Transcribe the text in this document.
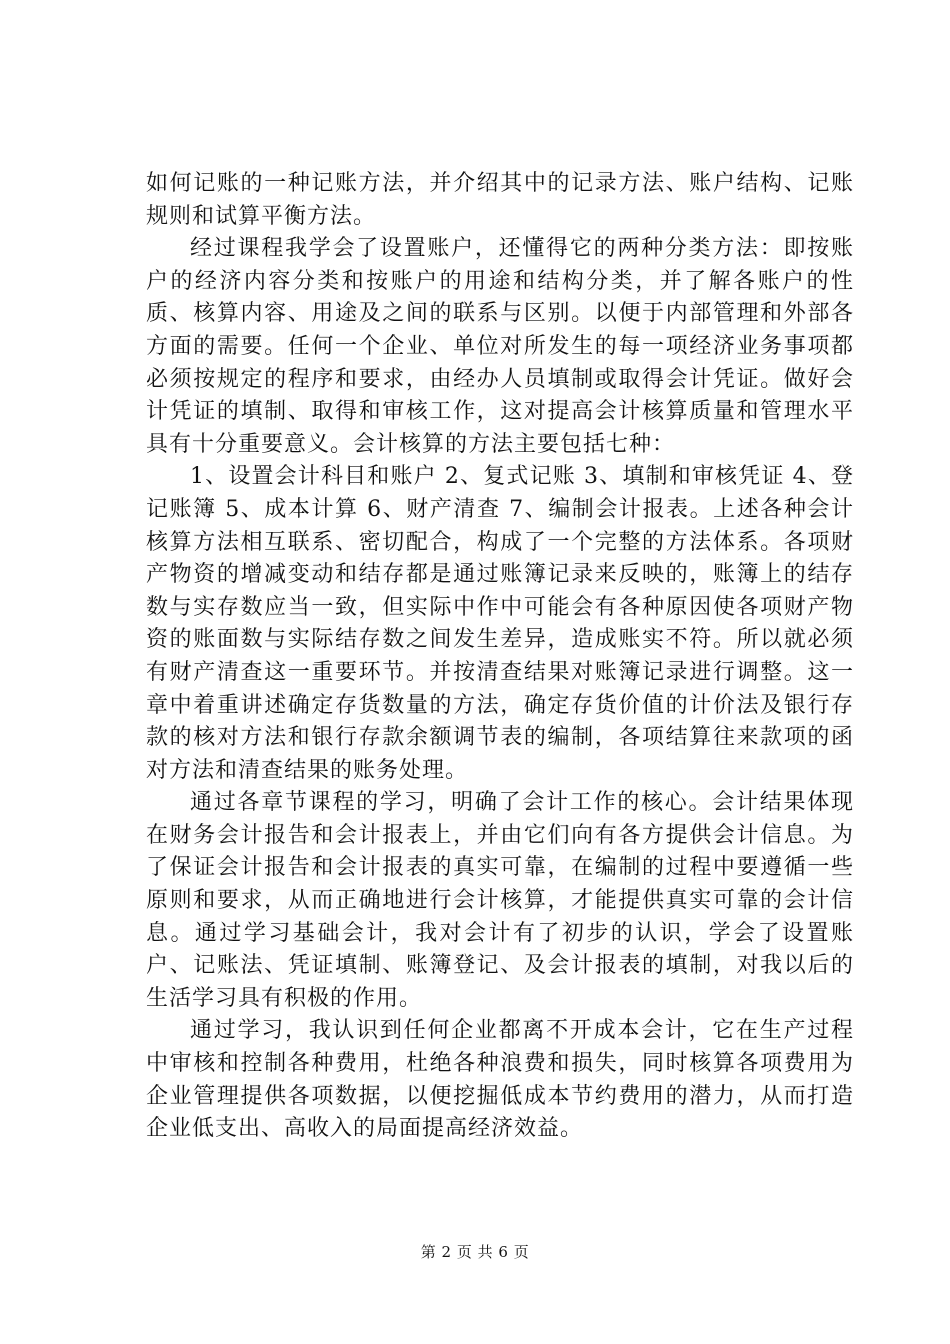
如何记账的一种记账方法，并介绍其中的记录方法、账户结构、记账规则和试算平衡方法。

经过课程我学会了设置账户，还懂得它的两种分类方法：即按账户的经济内容分类和按账户的用途和结构分类，并了解各账户的性质、核算内容、用途及之间的联系与区别。以便于内部管理和外部各方面的需要。任何一个企业、单位对所发生的每一项经济业务事项都必须按规定的程序和要求，由经办人员填制或取得会计凭证。做好会计凭证的填制、取得和审核工作，这对提高会计核算质量和管理水平具有十分重要意义。会计核算的方法主要包括七种：

1、设置会计科目和账户 2、复式记账 3、填制和审核凭证 4、登记账簿 5、成本计算 6、财产清查 7、编制会计报表。上述各种会计核算方法相互联系、密切配合，构成了一个完整的方法体系。各项财产物资的增减变动和结存都是通过账簿记录来反映的，账簿上的结存数与实存数应当一致，但实际中作中可能会有各种原因使各项财产物资的账面数与实际结存数之间发生差异，造成账实不符。所以就必须有财产清查这一重要环节。并按清查结果对账簿记录进行调整。这一章中着重讲述确定存货数量的方法，确定存货价值的计价法及银行存款的核对方法和银行存款余额调节表的编制，各项结算往来款项的函对方法和清查结果的账务处理。

通过各章节课程的学习，明确了会计工作的核心。会计结果体现在财务会计报告和会计报表上，并由它们向有各方提供会计信息。为了保证会计报告和会计报表的真实可靠，在编制的过程中要遵循一些原则和要求，从而正确地进行会计核算，才能提供真实可靠的会计信息。通过学习基础会计，我对会计有了初步的认识，学会了设置账户、记账法、凭证填制、账簿登记、及会计报表的填制，对我以后的生活学习具有积极的作用。

通过学习，我认识到任何企业都离不开成本会计，它在生产过程中审核和控制各种费用，杜绝各种浪费和损失，同时核算各项费用为企业管理提供各项数据，以便挖掘低成本节约费用的潜力，从而打造企业低支出、高收入的局面提高经济效益。

第 2 页 共 6 页
